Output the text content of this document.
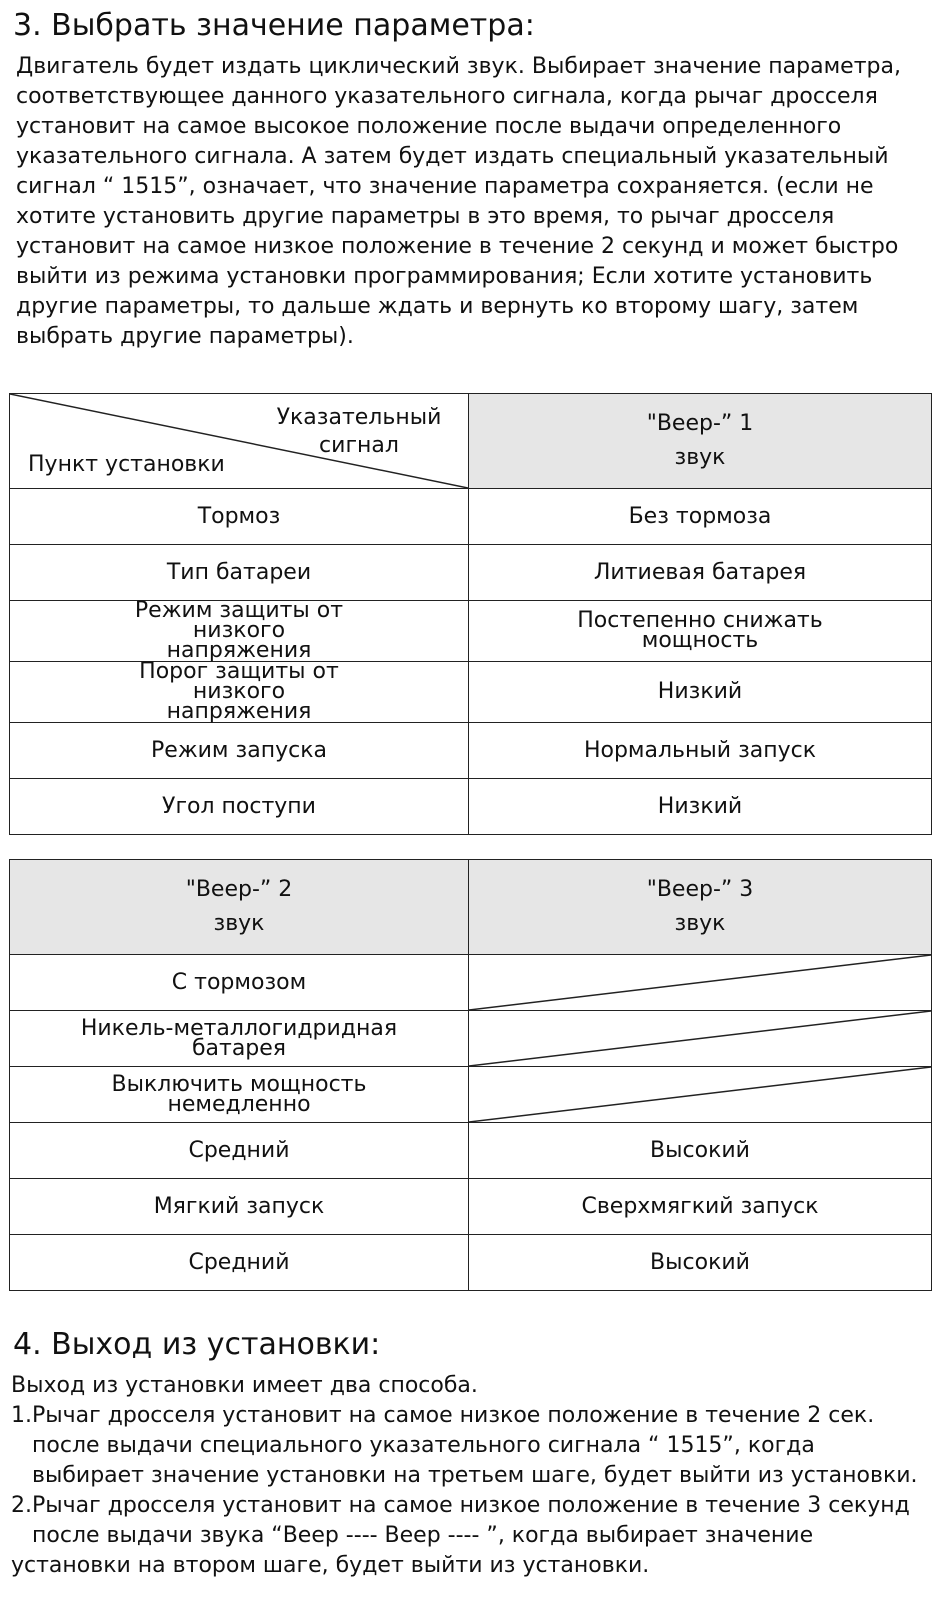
3. Выбрать значение параметра:
Двигатель будет издать циклический звук. Выбирает значение параметра,
соответствующее данного указательного сигнала, когда рычаг дросселя
установит на самое высокое положение после выдачи определенного
указательного сигнала. А затем будет издать специальный указательный
сигнал “ 1515”, означает, что значение параметра сохраняется. (если не
хотите установить другие параметры в это время, то рычаг дросселя
установит на самое низкое положение в течение 2 секунд и может быстро
выйти из режима установки программирования; Если хотите установить
другие параметры, то дальше ждать и вернуть ко второму шагу, затем
выбрать другие параметры).
Указательный сигнал
Пункт установки	"Beep-” 1 звук

Тормоз	Без тормоза
Тип батареи	Литиевая батарея

Режим защиты от низкого напряжения	Постепенно снижать мощность

Порог защиты от низкого напряжения	Низкий
Режим запуска	Нормальный запуск
Угол поступи	Низкий
"Beep-” 2 звук	"Beep-” 3 звук

С тормозом	

Никель-металлогидридная батарея

Выключить мощность немедленно

Средний	Высокий
Мягкий запуск	Сверхмягкий запуск
Средний	Высокий
4. Выход из установки:
Выход из установки имеет два способа.
1.Рычаг дросселя установит на самое низкое положение в течение 2 сек.
после выдачи специального указательного сигнала “ 1515”, когда
выбирает значение установки на третьем шаге, будет выйти из установки.
2.Рычаг дросселя установит на самое низкое положение в течение 3 секунд
после выдачи звука “Beep ---- Beep ---- ”, когда выбирает значение
установки на втором шаге, будет выйти из установки.
